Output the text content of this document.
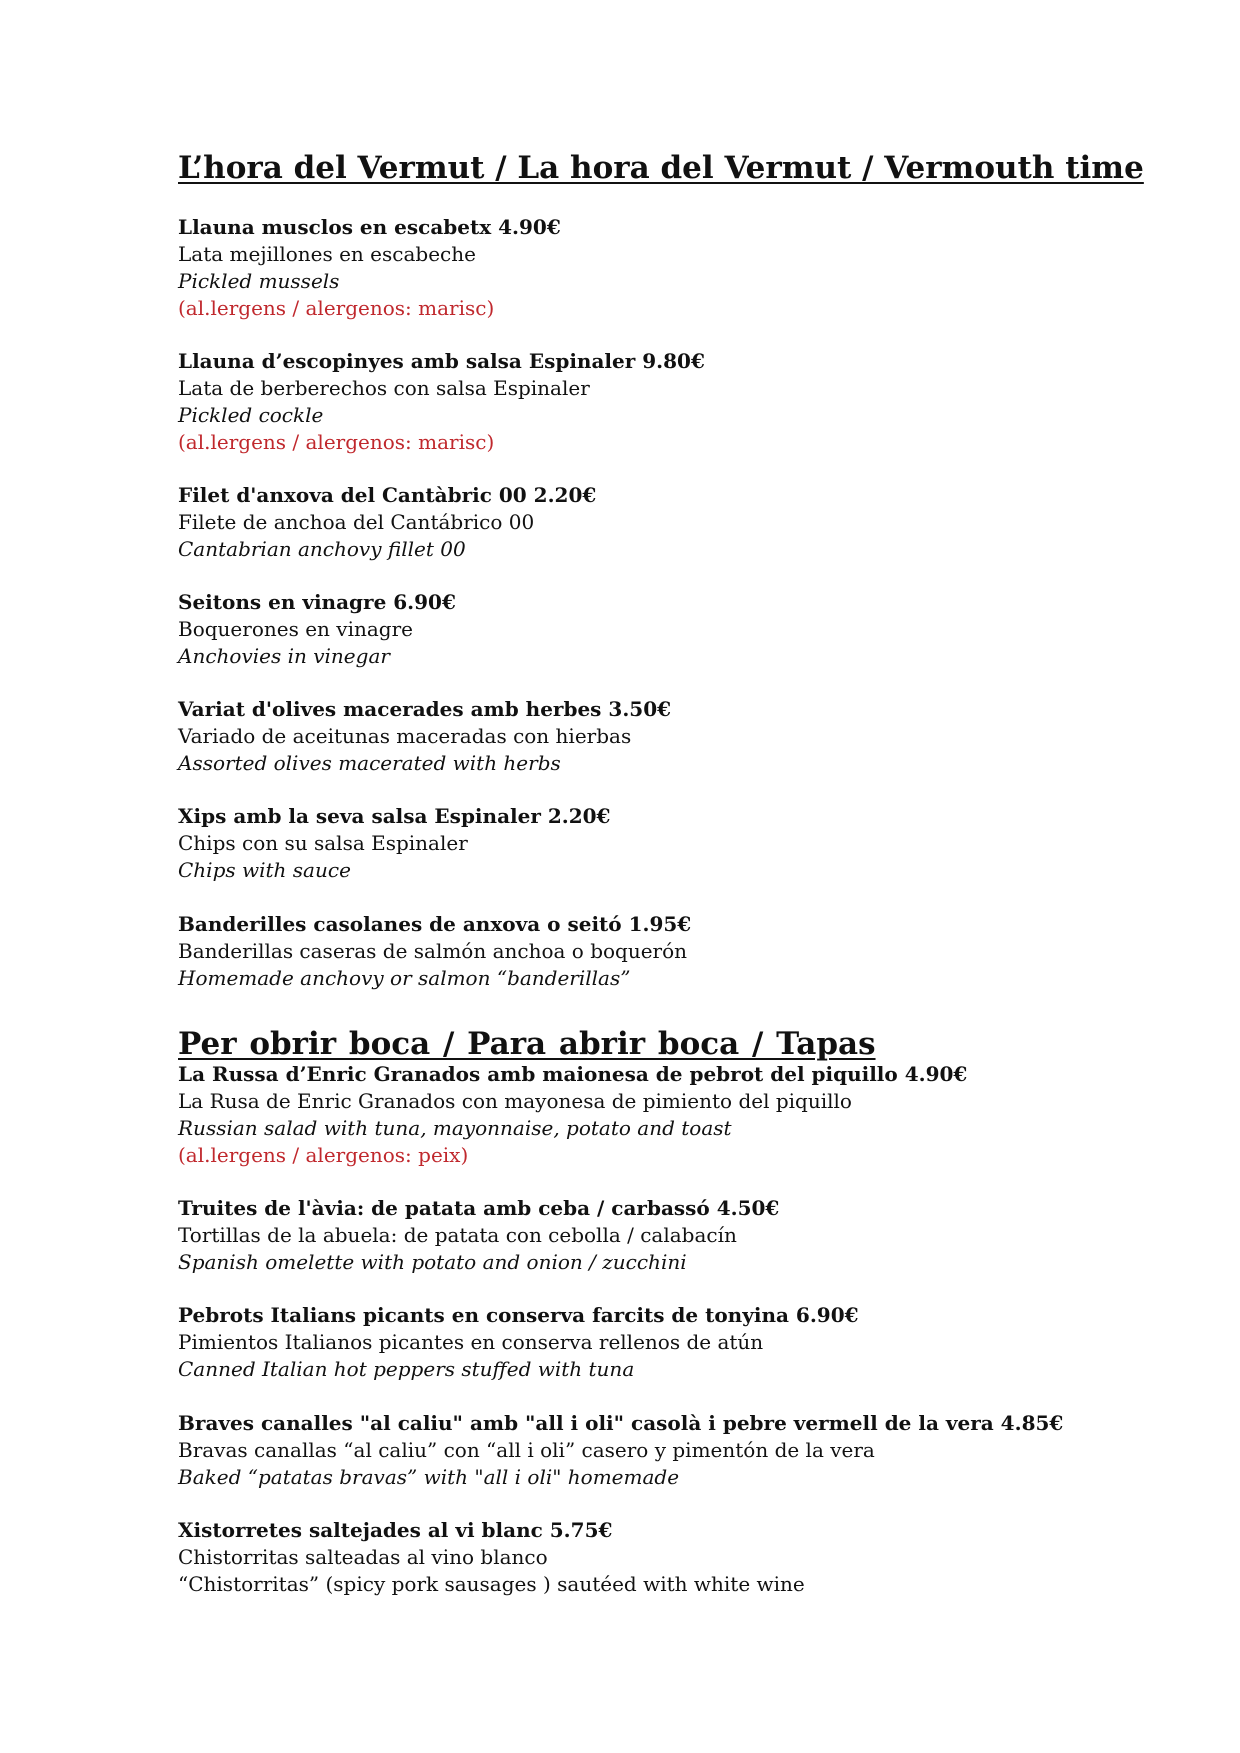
L’hora del Vermut / La hora del Vermut / Vermouth time
Llauna musclos en escabetx 4.90€
Lata mejillones en escabeche
Pickled mussels
(al.lergens / alergenos: marisc)
Llauna d’escopinyes amb salsa Espinaler 9.80€
Lata de berberechos con salsa Espinaler
Pickled cockle
(al.lergens / alergenos: marisc)
Filet d'anxova del Cantàbric 00 2.20€
Filete de anchoa del Cantábrico 00
Cantabrian anchovy fillet 00
Seitons en vinagre 6.90€
Boquerones en vinagre
Anchovies in vinegar
Variat d'olives macerades amb herbes 3.50€
Variado de aceitunas maceradas con hierbas
Assorted olives macerated with herbs
Xips amb la seva salsa Espinaler 2.20€
Chips con su salsa Espinaler
Chips with sauce
Banderilles casolanes de anxova o seitó 1.95€
Banderillas caseras de salmón anchoa o boquerón
Homemade anchovy or salmon “banderillas”
Per obrir boca / Para abrir boca / Tapas
La Russa d’Enric Granados amb maionesa de pebrot del piquillo 4.90€
La Rusa de Enric Granados con mayonesa de pimiento del piquillo
Russian salad with tuna, mayonnaise, potato and toast
(al.lergens / alergenos: peix)
Truites de l'àvia: de patata amb ceba / carbassó 4.50€
Tortillas de la abuela: de patata con cebolla / calabacín
Spanish omelette with potato and onion / zucchini
Pebrots Italians picants en conserva farcits de tonyina 6.90€
Pimientos Italianos picantes en conserva rellenos de atún
Canned Italian hot peppers stuffed with tuna
Braves canalles "al caliu" amb "all i oli" casolà i pebre vermell de la vera 4.85€
Bravas canallas “al caliu” con “all i oli” casero y pimentón de la vera
Baked “patatas bravas” with "all i oli" homemade
Xistorretes saltejades al vi blanc 5.75€
Chistorritas salteadas al vino blanco
“Chistorritas” (spicy pork sausages ) sautéed with white wine
